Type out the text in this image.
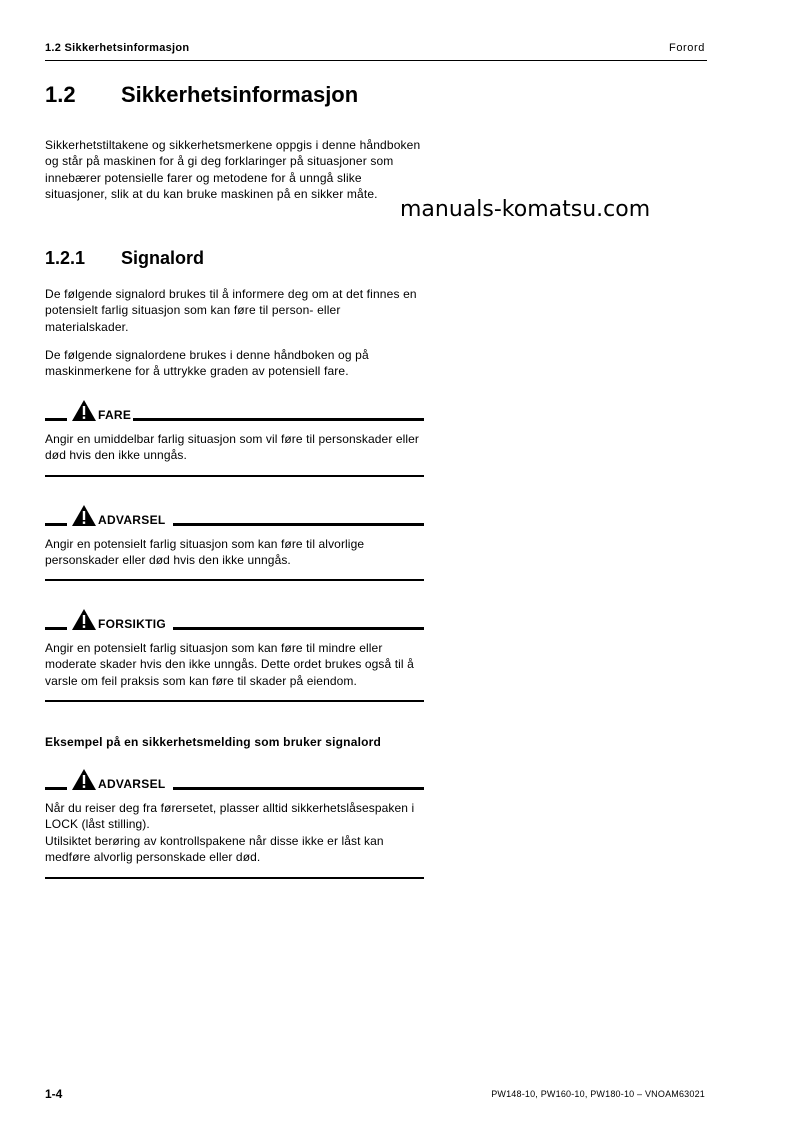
1.2 Sikkerhetsinformasjon	Forord
1.2 Sikkerhetsinformasjon

Sikkerhetstiltakene og sikkerhetsmerkene oppgis i denne håndboken og står på maskinen for å gi deg forklaringer på situasjoner som innebærer potensielle farer og metodene for å unngå slike situasjoner, slik at du kan bruke maskinen på en sikker måte.

manuals-komatsu.com
1.2.1 Signalord

De følgende signalord brukes til å informere deg om at det finnes en potensielt farlig situasjon som kan føre til person- eller materialskader.

De følgende signalordene brukes i denne håndboken og på maskinmerkene for å uttrykke graden av potensiell fare.

FARE

Angir en umiddelbar farlig situasjon som vil føre til personskader eller død hvis den ikke unngås.

ADVARSEL

Angir en potensielt farlig situasjon som kan føre til alvorlige personskader eller død hvis den ikke unngås.

FORSIKTIG

Angir en potensielt farlig situasjon som kan føre til mindre eller moderate skader hvis den ikke unngås. Dette ordet brukes også til å varsle om feil praksis som kan føre til skader på eiendom.

Eksempel på en sikkerhetsmelding som bruker signalord
ADVARSEL

Når du reiser deg fra førersetet, plasser alltid sikkerhetslåsespaken i LOCK (låst stilling).

Utilsiktet berøring av kontrollspakene når disse ikke er låst kan medføre alvorlig personskade eller død.

1-4	PW148-10, PW160-10, PW180-10 – VNOAM63021
